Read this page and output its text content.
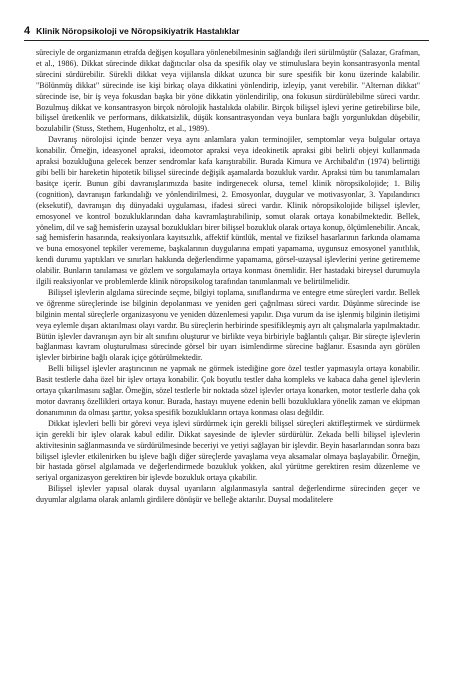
4 Klinik Nöropsikoloji ve Nöropsikiyatrik Hastalıklar

süreciyle de organizmanın etrafda değişen koşullara yönlenebilmesinin sağlandığı ileri sürülmüştür (Salazar, Grafman, et al., 1986). Dikkat sürecinde dikkat dağıtıcılar olsa da spesifik olay ve stimuluslara beyin konsantrasyonla mental sürecini sürdürebilir. Sürekli dikkat veya vijilansla dikkat uzunca bir sure spesifik bir konu üzerinde kalabilir. "Bölünmüş dikkat" sürecinde ise kişi birkaç olaya dikkatini yönlendirip, izleyip, yanıt verebilir. "Alternan dikkat" sürecinde ise, bir iş veya fokusdan başka bir yöne dikkatin yönlendirilip, ona fokusun sürdürülebilme süreci vardır. Bozulmuş dikkat ve konsantrasyon birçok nörolojik hastalıkda olabilir. Birçok bilişsel işlevi yerine getirebilirse bile, bilişsel üretkenlik ve performans, dikkatsizlik, düşük konsantrasyondan veya bunlara bağlı yorgunlukdan düşebilir, bozulabilir (Stuss, Stethem, Hugenholtz, et al., 1989).

Davranış nörolojisi içinde benzer veya aynı anlamlara yakın terminojiler, semptomlar veya bulgular ortaya konabilir. Örneğin, ideasyonel apraksi, ideomotor apraksi veya ideokinetik apraksi gibi belirli objeyi kullanmada apraksi bozukluğuna gelecek benzer sendromlar kafa karıştırabilir. Burada Kimura ve Archibald'ın (1974) belirttiği gibi belli bir hareketin hipotetik bilişsel sürecinde değişik aşamalarda bozukluk vardır. Apraksi tüm bu tanımlamaları basitçe içerir. Bunun gibi davranışlarımızda basite indirgenecek olursa, temel klinik nöropsikolojide; 1. Biliş (cognition), davranışın farkındalığı ve yönlendirilmesi, 2. Emosyonlar, duygular ve motivasyonlar, 3. Yapılandırıcı (eksekutif), davranışın dış dünyadaki uygulaması, ifadesi süreci vardır. Klinik nöropsikolojide bilişsel işlevler, emosyonel ve kontrol bozukluklarından daha kavramlaştırabilinip, somut olarak ortaya konabilmektedir. Bellek, yönelim, dil ve sağ hemisferin uzaysal bozuklukları birer bilişsel bozukluk olarak ortaya konup, ölçümlenebilir. Ancak, sağ hemisferin hasarında, reaksiyonlara kayıtsızlık, affektif küntlük, mental ve fiziksel hasarlarının farkında olamama ve buna emosyonel tepkiler verememe, başkalarının duygularına empati yapamama, uygunsuz emosyonel yanıtlılık, kendi durumu yaptıkları ve sınırları hakkında değerlendirme yapamama, görsel-uzaysal işlevlerini yerine getirememe olabilir. Bunların tanılaması ve gözlem ve sorgulamayla ortaya konması önemlidir. Her hastadaki bireysel durumuyla ilgili reaksiyonlar ve problemlerde klinik nöropsikolog tarafından tanımlanmalı ve belirtilmelidir.

Bilişsel işlevlerin algılama sürecinde seçme, bilgiyi toplama, sınıflandırma ve entegre etme süreçleri vardır. Bellek ve öğrenme süreçlerinde ise bilginin depolanması ve yeniden geri çağrılması süreci vardır. Düşünme sürecinde ise bilginin mental süreçlerle organizasyonu ve yeniden düzenlemesi yapılır. Dışa vurum da ise işlenmiş bilginin iletişimi veya eylemle dışarı aktarılması olayı vardır. Bu süreçlerin herbirinde spesifikleşmiş ayrı alt çalışmalarla yapılmaktadır. Bütün işlevler davranışın ayrı bir alt sınıfını oluşturur ve birlikte veya birbiriyle bağlantılı çalışır. Bir süreçte işlevlerin bağlanması kavram oluşturulması sürecinde görsel bir uyarı isimlendirme sürecine bağlanır. Esasında ayrı görülen işlevler birbirine bağlı olarak içiçe götürülmektedir.

Belli bilişsel işlevler araştırıcının ne yapmak ne görmek istediğine gore özel testler yapmasıyla ortaya konabilir. Basit testlerle daha özel bir işlev ortaya konabilir. Çok boyutlu testler daha kompleks ve kabaca daha genel işlevlerin ortaya çıkarılmasını sağlar. Örneğin, sözel testlerle bir noktada sözel işlevler ortaya konarken, motor testlerle daha çok motor davranış özellikleri ortaya konur. Burada, hastayı muyene edenin belli bozukluklara yönelik zaman ve ekipman donanımının da olması şarttır, yoksa spesifik bozuklukların ortaya konması olası değildir.

Dikkat işlevleri belli bir görevi veya işlevi sürdürmek için gerekli bilişsel süreçleri aktifleştirmek ve sürdürmek için gerekli bir işlev olarak kabul edilir. Dikkat sayesinde de işlevler sürdürülür. Zekada belli bilişsel işlevlerin aktivitesinin sağlanmasında ve sürdürülmesinde beceriyi ve yetiyi sağlayan bir işlevdir. Beyin hasarlarından sonra bazı bilişsel işlevler etkilenirken bu işleve bağlı diğer süreçlerde yavaşlama veya aksamalar olmaya başlayabilir. Örneğin, bir hastada görsel algılamada ve değerlendirmede bozukluk yokken, akıl yürütme gerektiren resim düzenleme ve seriyal organizasyon gerektiren bir işlevde bozukluk ortaya çıkabilir.

Bilişsel işlevler yapısal olarak duysal uyarıların algılanmasıyla santral değerlendirme sürecinden geçer ve duyumlar algılama olarak anlamlı girdilere dönüşür ve belleğe aktarılır. Duysal modalitelere
